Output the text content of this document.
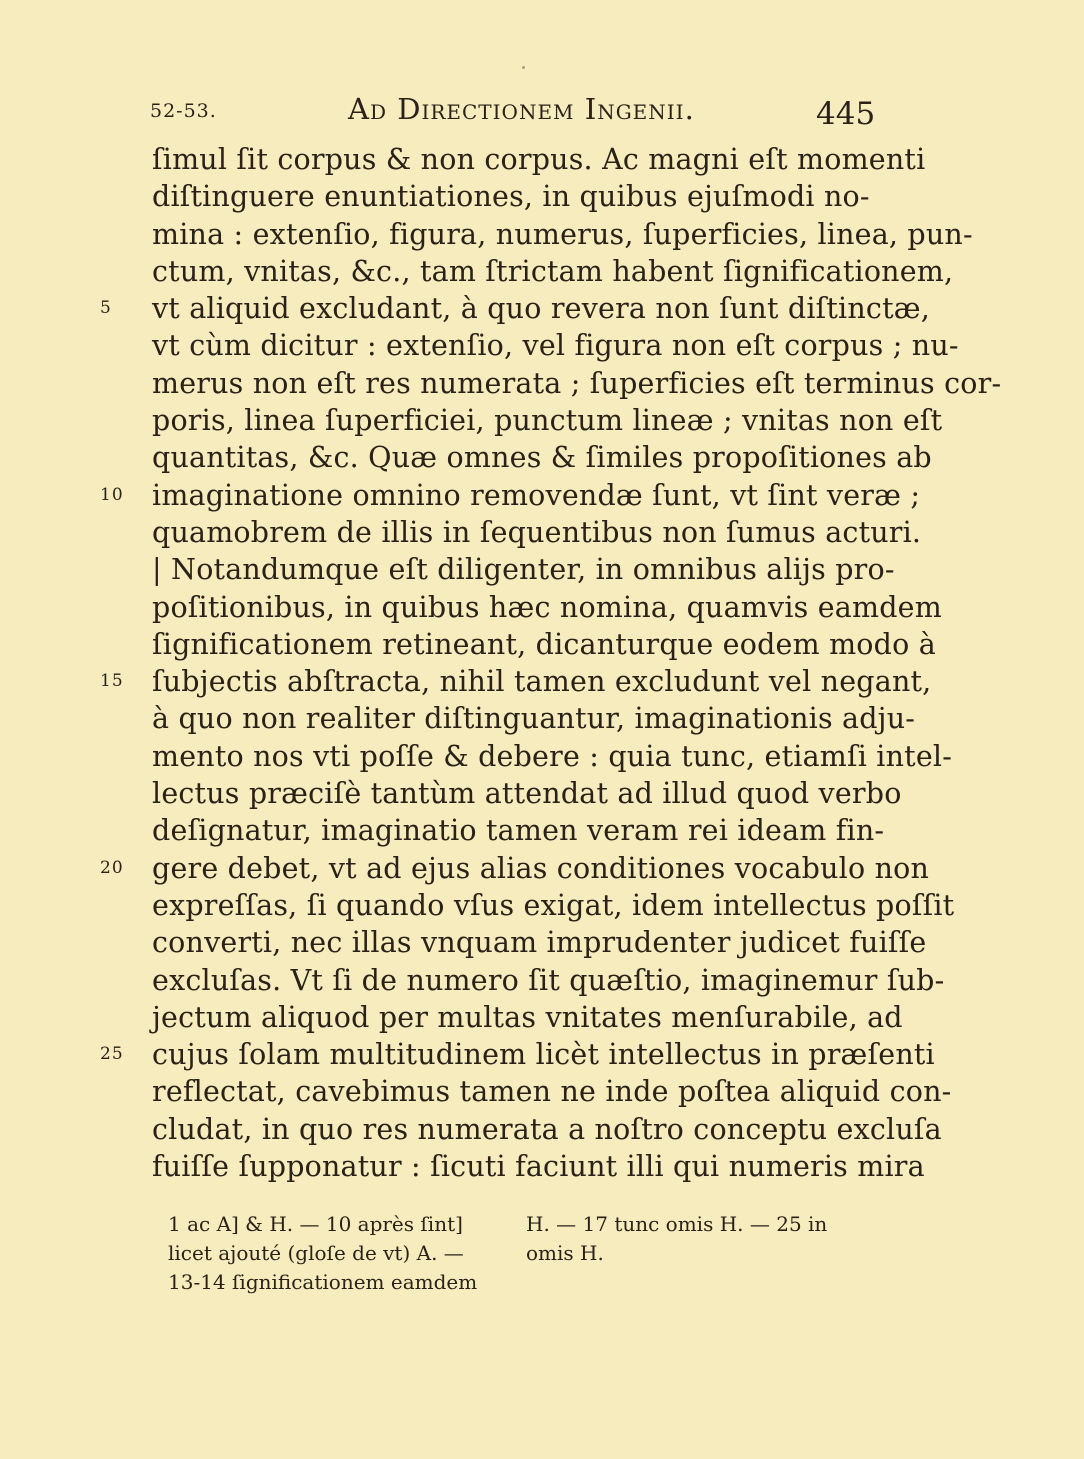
52-53.	Ad Directionem Ingenii.	445
ſimul ſit corpus & non corpus. Ac magni eſt momenti
diſtinguere enuntiationes, in quibus ejuſmodi no-
mina : extenſio, figura, numerus, ſuperficies, linea, pun-
ctum, vnitas, &c., tam ſtrictam habent ſignificationem,
5	vt aliquid excludant, à quo revera non ſunt diſtinctæ,
vt cùm dicitur : extenſio, vel figura non eſt corpus ; nu-
merus non eſt res numerata ; ſuperficies eſt terminus cor-
poris, linea ſuperficiei, punctum lineæ ; vnitas non eſt
quantitas, &c. Quæ omnes & ſimiles propoſitiones ab
10 imaginatione omnino removendæ ſunt, vt ſint veræ ;
quamobrem de illis in ſequentibus non ſumus acturi.
| Notandumque eſt diligenter, in omnibus alijs pro-
poſitionibus, in quibus hæc nomina, quamvis eamdem
ſignificationem retineant, dicanturque eodem modo à
15 ſubjectis abſtracta, nihil tamen excludunt vel negant,
à quo non realiter diſtinguantur, imaginationis adju-
mento nos vti poſſe & debere : quia tunc, etiamſi intel-
lectus præciſè tantùm attendat ad illud quod verbo
deſignatur, imaginatio tamen veram rei ideam fin-
20 gere debet, vt ad ejus alias conditiones vocabulo non
expreſſas, ſi quando vſus exigat, idem intellectus poſſit
converti, nec illas vnquam imprudenter judicet fuiſſe
excluſas. Vt ſi de numero ſit quæſtio, imaginemur ſub-
jectum aliquod per multas vnitates menſurabile, ad
25 cujus ſolam multitudinem licèt intellectus in præſenti
reflectat, cavebimus tamen ne inde poſtea aliquid con-
cludat, in quo res numerata a noſtro conceptu excluſa
fuiſſe ſupponatur : ſicuti faciunt illi qui numeris mira
1 ac A] & H. — 10 après ſint]
licet ajouté (gloſe de vt) A. —
13-14 ſignificationem eamdem
H. — 17 tunc omis H. — 25 in
omis H.
